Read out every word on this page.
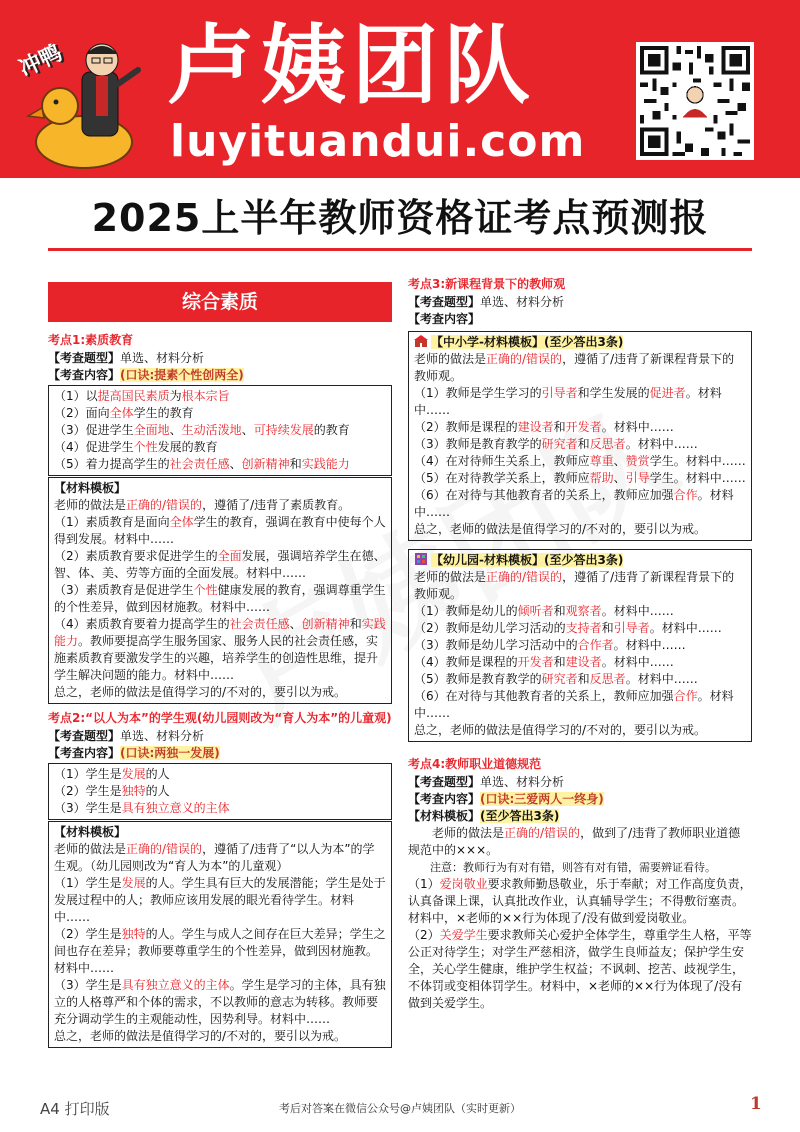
冲鸭 卢姨团队
luyituandui.com
2025上半年教师资格证考点预测报
综合素质
考点1:素质教育
【考查题型】单选、材料分析
【考查内容】(口诀:提素个性创两全)
（1）以提高国民素质为根本宗旨
（2）面向全体学生的教育
（3）促进学生全面地、生动活泼地、可持续发展的教育
（4）促进学生个性发展的教育
（5）着力提高学生的社会责任感、创新精神和实践能力

【材料模板】

老师的做法是正确的/错误的，遵循了/违背了素质教育。

（1）素质教育是面向全体学生的教育，强调在教育中使每个人得到发展。材料中……
（2）素质教育要求促进学生的全面发展，强调培养学生在德、智、体、美、劳等方面的全面发展。材料中……
（3）素质教育是促进学生个性健康发展的教育，强调尊重学生的个性差异，做到因材施教。材料中……
（4）素质教育要着力提高学生的社会责任感、创新精神和实践能力。教师要提高学生服务国家、服务人民的社会责任感，实施素质教育要激发学生的兴趣，培养学生的创造性思维，提升学生解决问题的能力。材料中……

总之，老师的做法是值得学习的/不对的，要引以为戒。

考点2:“以人为本”的学生观(幼儿园则改为“育人为本”的儿童观)
【考查题型】单选、材料分析
【考查内容】(口诀:两独一发展)
（1）学生是发展的人
（2）学生是独特的人
（3）学生是具有独立意义的主体

【材料模板】

老师的做法是正确的/错误的，遵循了/违背了“以人为本”的学生观。（幼儿园则改为“育人为本”的儿童观）

（1）学生是发展的人。学生具有巨大的发展潜能；学生是处于发展过程中的人；教师应该用发展的眼光看待学生。材料中……
（2）学生是独特的人。学生与成人之间存在巨大差异；学生之间也存在差异；教师要尊重学生的个性差异，做到因材施教。材料中……
（3）学生是具有独立意义的主体。学生是学习的主体，具有独立的人格尊严和个体的需求，不以教师的意志为转移。教师要充分调动学生的主观能动性，因势利导。材料中……

总之，老师的做法是值得学习的/不对的，要引以为戒。

考点3:新课程背景下的教师观
【考查题型】单选、材料分析
【考查内容】

【中小学-材料模板】(至少答出3条)

老师的做法是正确的/错误的，遵循了/违背了新课程背景下的教师观。

（1）教师是学生学习的引导者和学生发展的促进者。材料中……
（2）教师是课程的建设者和开发者。材料中……
（3）教师是教育教学的研究者和反思者。材料中……
（4）在对待师生关系上，教师应尊重、赞赏学生。材料中……
（5）在对待教学关系上，教师应帮助、引导学生。材料中……
（6）在对待与其他教育者的关系上，教师应加强合作。材料中……

总之，老师的做法是值得学习的/不对的，要引以为戒。

【幼儿园-材料模板】(至少答出3条)

老师的做法是正确的/错误的，遵循了/违背了新课程背景下的教师观。

（1）教师是幼儿的倾听者和观察者。材料中……
（2）教师是幼儿学习活动的支持者和引导者。材料中……
（3）教师是幼儿学习活动中的合作者。材料中……
（4）教师是课程的开发者和建设者。材料中……
（5）教师是教育教学的研究者和反思者。材料中……
（6）在对待与其他教育者的关系上，教师应加强合作。材料中……

总之，老师的做法是值得学习的/不对的，要引以为戒。

考点4:教师职业道德规范
【考查题型】单选、材料分析
【考查内容】(口诀:三爱两人一终身)
【材料模板】(至少答出3条)
老师的做法是正确的/错误的，做到了/违背了教师职业道德规范中的×××。
注意：教师行为有对有错，则答有对有错，需要辨证看待。
（1）爱岗敬业要求教师勤恳敬业，乐于奉献；对工作高度负责，认真备课上课，认真批改作业，认真辅导学生；不得敷衍塞责。材料中，×老师的××行为体现了/没有做到爱岗敬业。
（2）关爱学生要求教师关心爱护全体学生，尊重学生人格，平等公正对待学生；对学生严慈相济，做学生良师益友；保护学生安全，关心学生健康，维护学生权益；不讽刺、挖苦、歧视学生，不体罚或变相体罚学生。材料中，×老师的××行为体现了/没有做到关爱学生。
A4 打印版	考后对答案在微信公众号@卢姨团队（实时更新）	1
